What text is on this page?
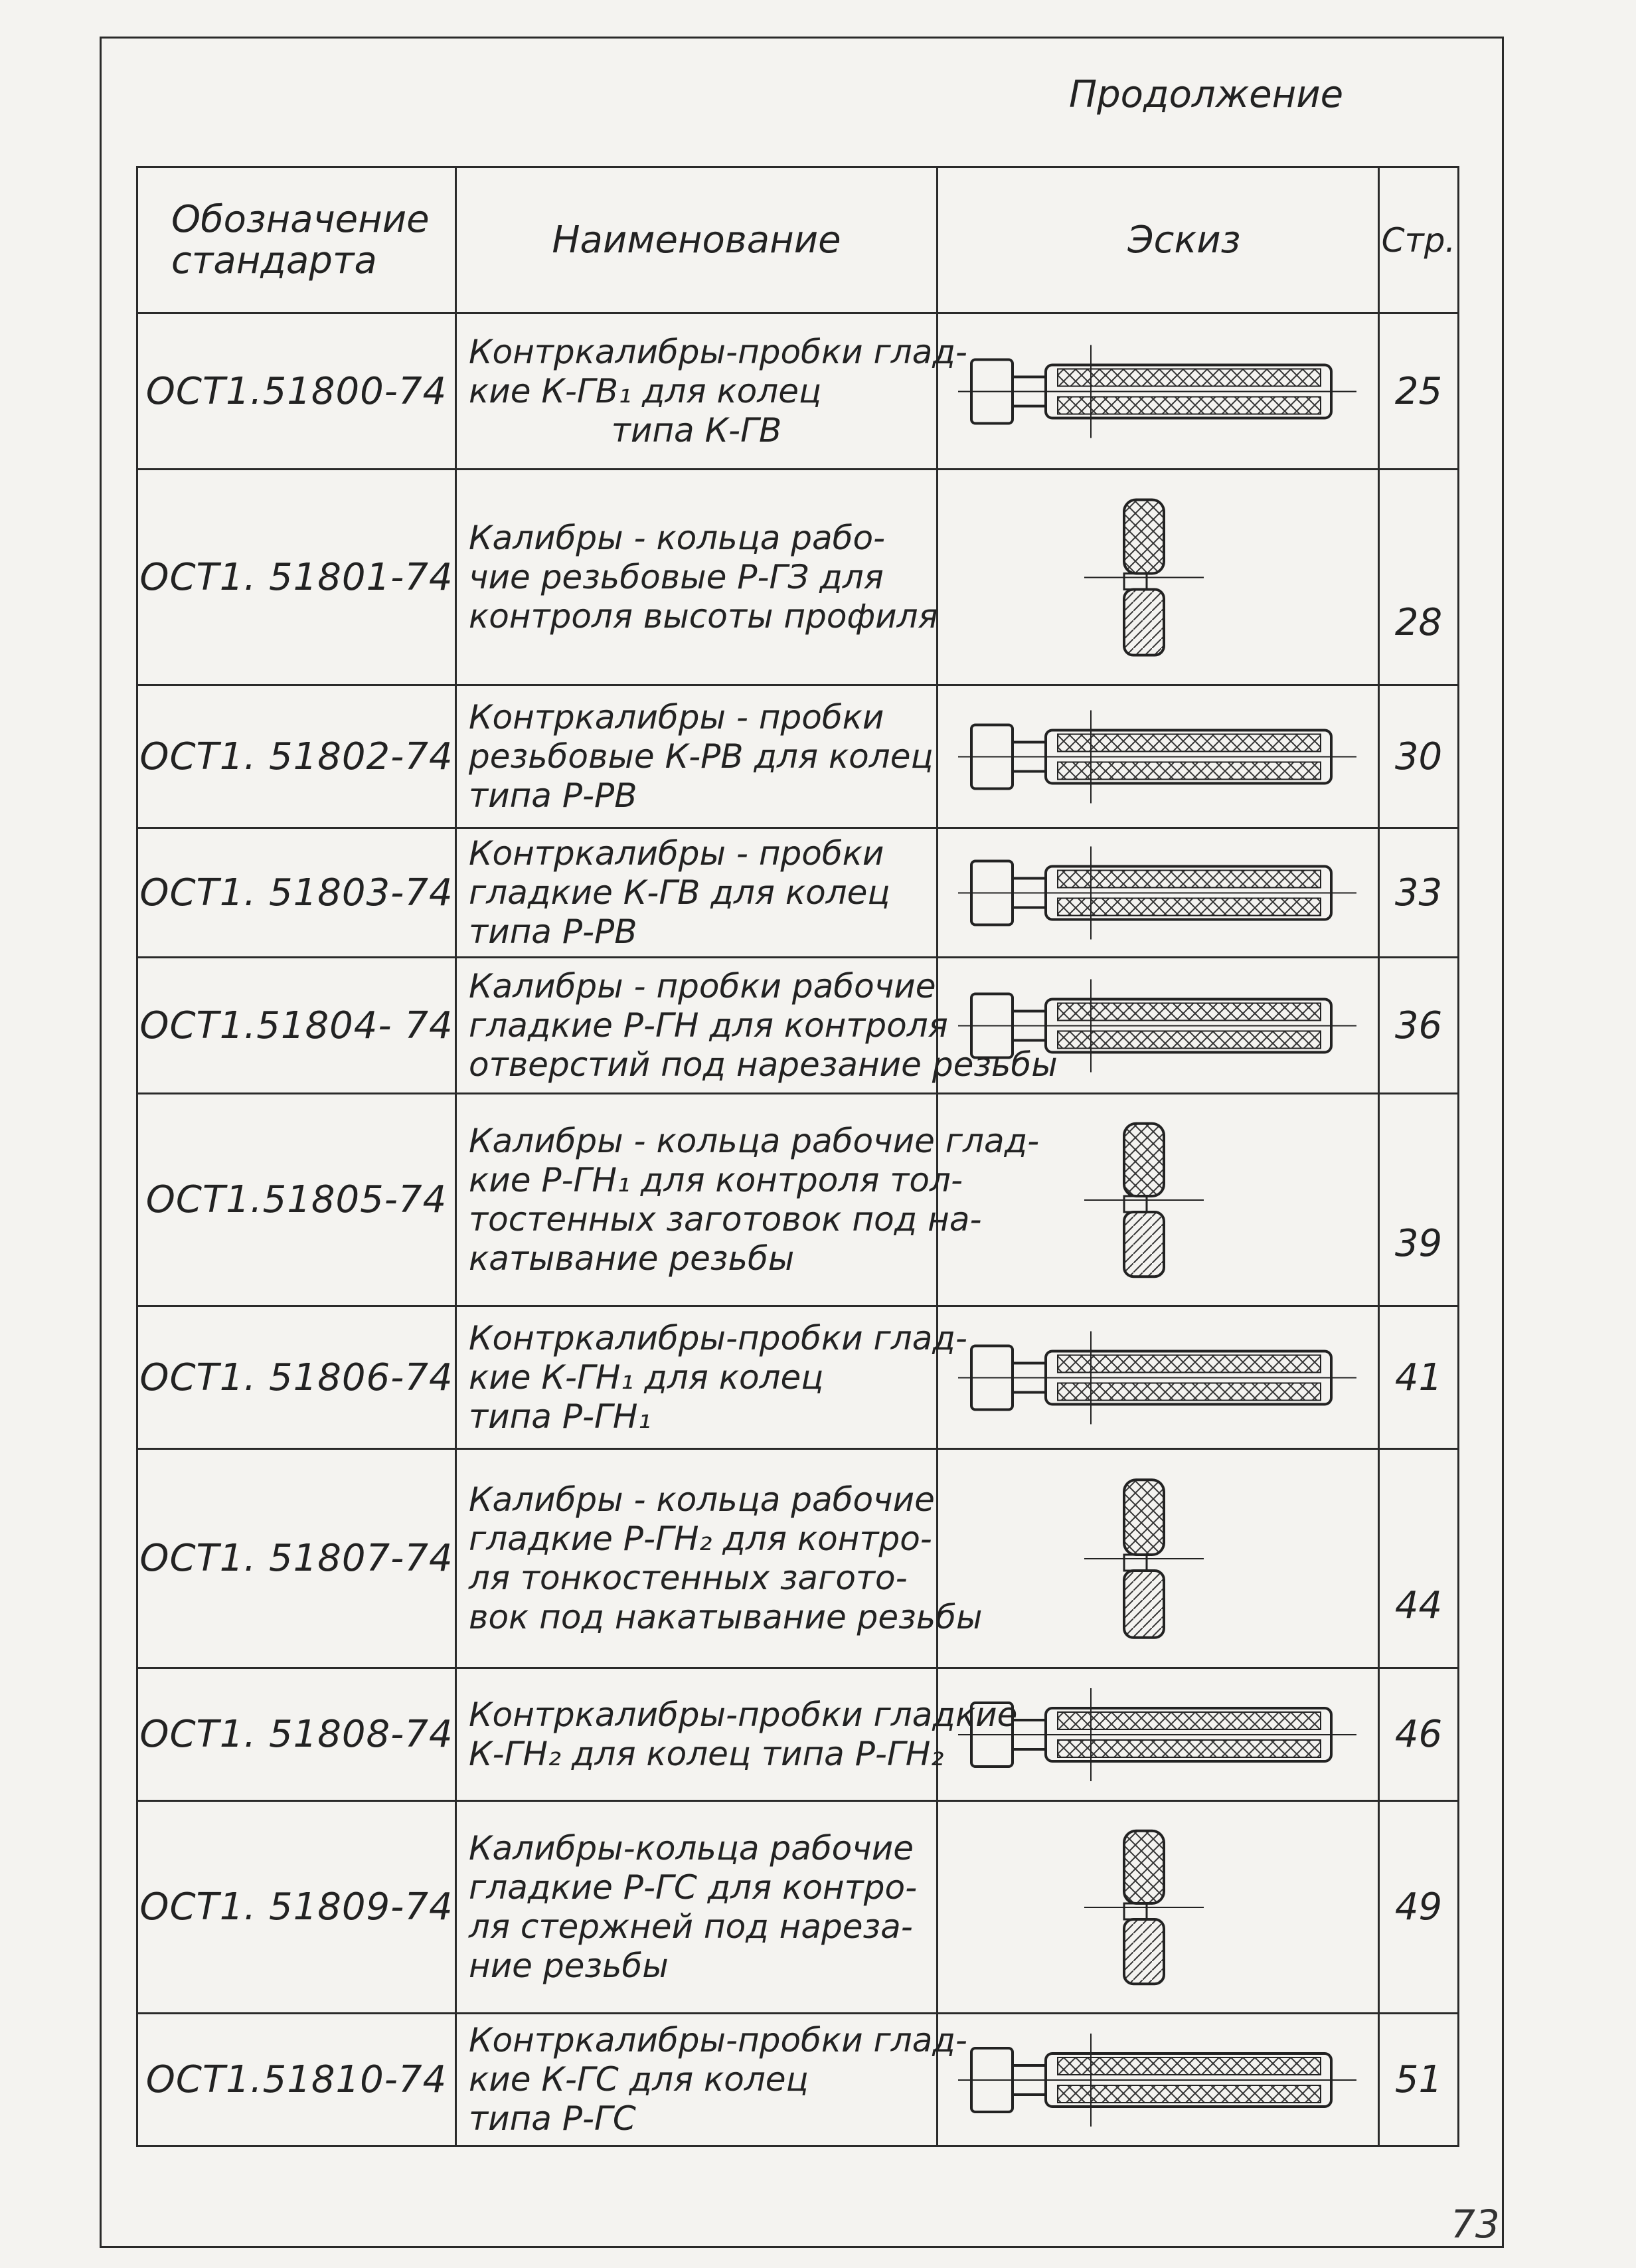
Продолжение
Обозначение
стандарта	Наименование	Эскиз	Стр.
ОСТ1.51800-74	Контркалибры-пробки глад-
кие К-ГВ₁ для колец
типа К-ГВ		25
ОСТ1. 51801-74	Калибры - кольца рабо-
чие резьбовые Р-ГЗ для
контроля высоты профиля		28
ОСТ1. 51802-74	Контркалибры - пробки
резьбовые К-РВ для колец
типа Р-РВ		30
ОСТ1. 51803-74	Контркалибры - пробки
гладкие К-ГВ для колец
типа Р-РВ		33
ОСТ1.51804- 74	Калибры - пробки рабочие
гладкие Р-ГН для контроля
отверстий под нарезание резьбы		36
ОСТ1.51805-74	Калибры - кольца рабочие глад-
кие Р-ГН₁ для контроля тол-
тостенных заготовок под на-
катывание резьбы		39
ОСТ1. 51806-74	Контркалибры-пробки глад-
кие К-ГН₁ для колец
типа Р-ГН₁		41
ОСТ1. 51807-74	Калибры - кольца рабочие
гладкие Р-ГН₂ для контро-
ля тонкостенных загото-
вок под накатывание резьбы		44
ОСТ1. 51808-74	Контркалибры-пробки гладкие
К-ГН₂ для колец типа Р-ГН₂		46
ОСТ1. 51809-74	Калибры-кольца рабочие
гладкие Р-ГС для контро-
ля стержней под нареза-
ние резьбы		49
ОСТ1.51810-74	Контркалибры-пробки глад-
кие К-ГС для колец
типа Р-ГС		51
73
